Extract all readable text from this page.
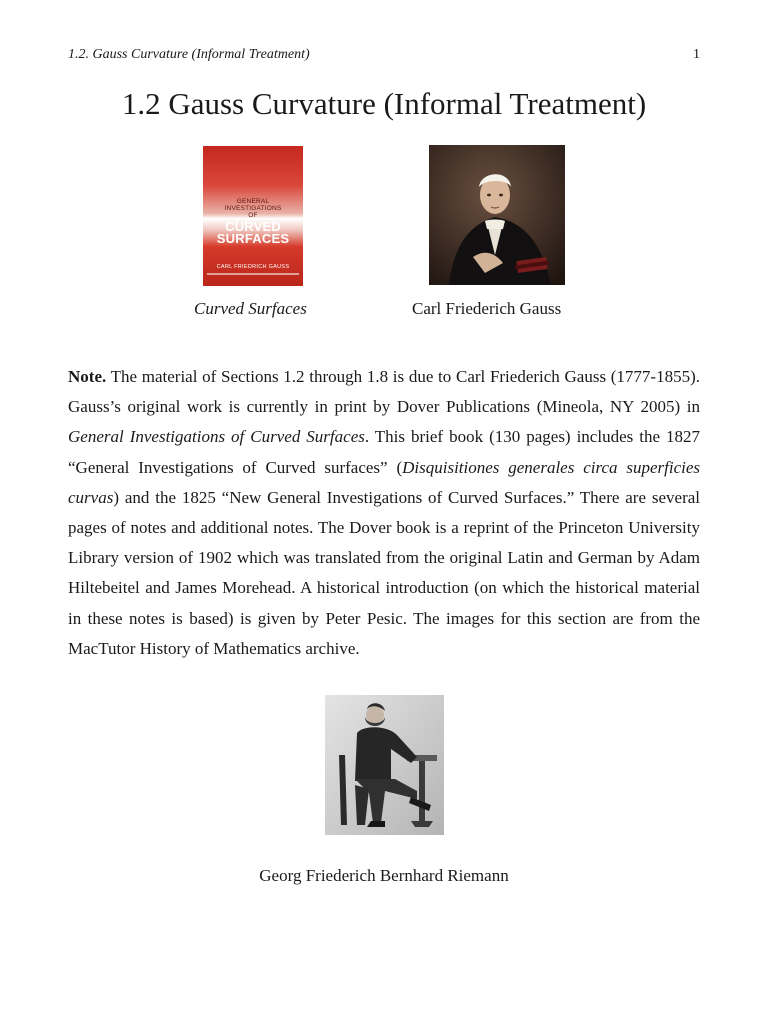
1.2. Gauss Curvature (Informal Treatment)	1
1.2 Gauss Curvature (Informal Treatment)
GENERAL
INVESTIGATIONS
OF
CURVED
SURFACES
CARL FRIEDRICH GAUSS
Curved Surfaces	Carl Friederich Gauss

Note. The material of Sections 1.2 through 1.8 is due to Carl Friederich Gauss (1777-1855). Gauss’s original work is currently in print by Dover Publications (Mineola, NY 2005) in General Investigations of Curved Surfaces. This brief book (130 pages) includes the 1827 “General Investigations of Curved surfaces” (Disquisitiones generales circa superficies curvas) and the 1825 “New General Investigations of Curved Surfaces.” There are several pages of notes and additional notes. The Dover book is a reprint of the Princeton University Library version of 1902 which was translated from the original Latin and German by Adam Hiltebeitel and James Morehead. A historical introduction (on which the historical material in these notes is based) is given by Peter Pesic. The images for this section are from the MacTutor History of Mathematics archive.

Georg Friederich Bernhard Riemann
